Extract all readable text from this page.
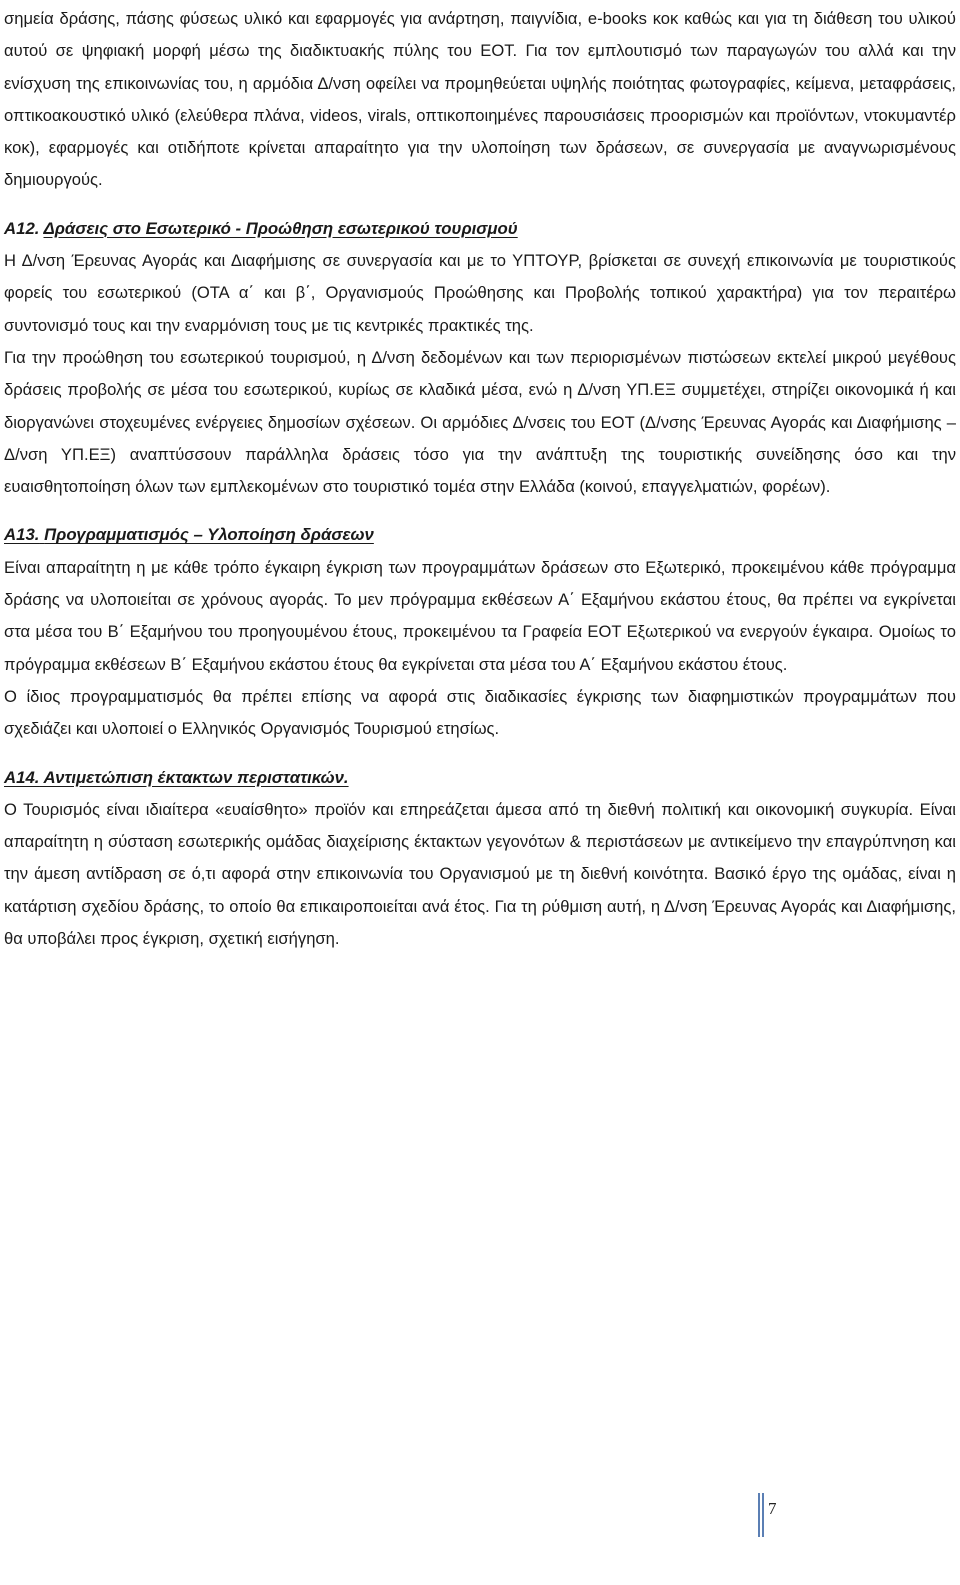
σημεία δράσης, πάσης φύσεως υλικό και εφαρμογές για ανάρτηση, παιγνίδια, e-books κοκ καθώς και για τη διάθεση του υλικού αυτού σε ψηφιακή μορφή μέσω της διαδικτυακής πύλης του ΕΟΤ. Για τον εμπλουτισμό των παραγωγών του αλλά και την ενίσχυση της επικοινωνίας του, η αρμόδια Δ/νση οφείλει να προμηθεύεται υψηλής ποιότητας φωτογραφίες, κείμενα, μεταφράσεις, οπτικοακουστικό υλικό (ελεύθερα πλάνα, videos, virals, οπτικοποιημένες παρουσιάσεις προορισμών και προϊόντων, ντοκυμαντέρ κοκ), εφαρμογές και οτιδήποτε κρίνεται απαραίτητο για την υλοποίηση των δράσεων, σε συνεργασία με αναγνωρισμένους δημιουργούς.

Α12. Δράσεις στο Εσωτερικό - Προώθηση εσωτερικού τουρισμού

Η Δ/νση Έρευνας Αγοράς και Διαφήμισης σε συνεργασία και με το ΥΠΤΟΥΡ, βρίσκεται σε συνεχή επικοινωνία με τουριστικούς φορείς του εσωτερικού (ΟΤΑ α΄ και β΄, Οργανισμούς Προώθησης και Προβολής τοπικού χαρακτήρα) για τον περαιτέρω συντονισμό τους και την εναρμόνιση τους με τις κεντρικές πρακτικές της.

Για την προώθηση του εσωτερικού τουρισμού, η Δ/νση δεδομένων και των περιορισμένων πιστώσεων εκτελεί μικρού μεγέθους δράσεις προβολής σε μέσα του εσωτερικού, κυρίως σε κλαδικά μέσα, ενώ η Δ/νση ΥΠ.ΕΞ συμμετέχει, στηρίζει οικονομικά ή και διοργανώνει στοχευμένες ενέργειες δημοσίων σχέσεων. Οι αρμόδιες Δ/νσεις του ΕΟΤ (Δ/νσης Έρευνας Αγοράς και Διαφήμισης – Δ/νση ΥΠ.ΕΞ) αναπτύσσουν παράλληλα δράσεις τόσο για την ανάπτυξη της τουριστικής συνείδησης όσο και την ευαισθητοποίηση όλων των εμπλεκομένων στο τουριστικό τομέα στην Ελλάδα (κοινού, επαγγελματιών, φορέων).

Α13. Προγραμματισμός – Υλοποίηση δράσεων

Είναι απαραίτητη η με κάθε τρόπο έγκαιρη έγκριση των προγραμμάτων δράσεων στο Εξωτερικό, προκειμένου κάθε πρόγραμμα δράσης να υλοποιείται σε χρόνους αγοράς. Το μεν πρόγραμμα εκθέσεων Α΄ Εξαμήνου εκάστου έτους, θα πρέπει να εγκρίνεται στα μέσα του Β΄ Εξαμήνου του προηγουμένου έτους, προκειμένου τα Γραφεία ΕΟΤ Εξωτερικού να ενεργούν έγκαιρα. Ομοίως το πρόγραμμα εκθέσεων Β΄ Εξαμήνου εκάστου έτους θα εγκρίνεται στα μέσα του Α΄ Εξαμήνου εκάστου έτους.

Ο ίδιος προγραμματισμός θα πρέπει επίσης να αφορά στις διαδικασίες έγκρισης των διαφημιστικών προγραμμάτων που σχεδιάζει και υλοποιεί ο Ελληνικός Οργανισμός Τουρισμού ετησίως.

Α14. Αντιμετώπιση έκτακτων περιστατικών.

Ο Τουρισμός είναι ιδιαίτερα «ευαίσθητο» προϊόν και επηρεάζεται άμεσα από τη διεθνή πολιτική και οικονομική συγκυρία. Είναι απαραίτητη η σύσταση εσωτερικής ομάδας διαχείρισης έκτακτων γεγονότων & περιστάσεων με αντικείμενο την επαγρύπνηση και την άμεση αντίδραση σε ό,τι αφορά στην επικοινωνία του Οργανισμού με τη διεθνή κοινότητα. Βασικό έργο της ομάδας, είναι η κατάρτιση σχεδίου δράσης, το οποίο θα επικαιροποιείται ανά έτος. Για τη ρύθμιση αυτή, η Δ/νση Έρευνας Αγοράς και Διαφήμισης, θα υποβάλει προς έγκριση, σχετική εισήγηση.

7
